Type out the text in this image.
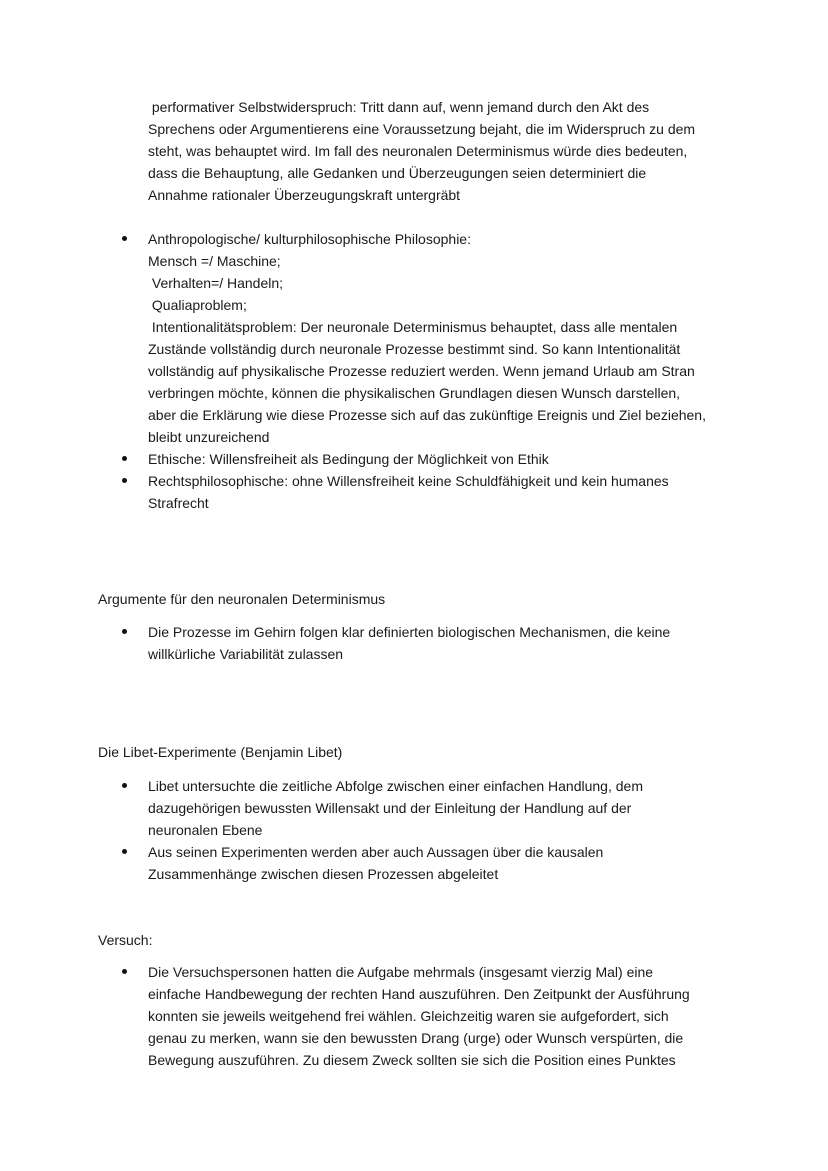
performativer Selbstwiderspruch: Tritt dann auf, wenn jemand durch den Akt des
Sprechens oder Argumentierens eine Voraussetzung bejaht, die im Widerspruch zu dem
steht, was behauptet wird. Im fall des neuronalen Determinismus würde dies bedeuten,
dass die Behauptung, alle Gedanken und Überzeugungen seien determiniert die
Annahme rationaler Überzeugungskraft untergräbt
Anthropologische/ kulturphilosophische Philosophie:
Mensch =/ Maschine;
Verhalten=/ Handeln;
Qualiaproblem;
Intentionalitätsproblem: Der neuronale Determinismus behauptet, dass alle mentalen
Zustände vollständig durch neuronale Prozesse bestimmt sind. So kann Intentionalität
vollständig auf physikalische Prozesse reduziert werden. Wenn jemand Urlaub am Stran
verbringen möchte, können die physikalischen Grundlagen diesen Wunsch darstellen,
aber die Erklärung wie diese Prozesse sich auf das zukünftige Ereignis und Ziel beziehen,
bleibt unzureichend
Ethische: Willensfreiheit als Bedingung der Möglichkeit von Ethik
Rechtsphilosophische: ohne Willensfreiheit keine Schuldfähigkeit und kein humanes
Strafrecht
Argumente für den neuronalen Determinismus
Die Prozesse im Gehirn folgen klar definierten biologischen Mechanismen, die keine
willkürliche Variabilität zulassen
Die Libet-Experimente (Benjamin Libet)
Libet untersuchte die zeitliche Abfolge zwischen einer einfachen Handlung, dem
dazugehörigen bewussten Willensakt und der Einleitung der Handlung auf der
neuronalen Ebene
Aus seinen Experimenten werden aber auch Aussagen über die kausalen
Zusammenhänge zwischen diesen Prozessen abgeleitet
Versuch:
Die Versuchspersonen hatten die Aufgabe mehrmals (insgesamt vierzig Mal) eine
einfache Handbewegung der rechten Hand auszuführen. Den Zeitpunkt der Ausführung
konnten sie jeweils weitgehend frei wählen. Gleichzeitig waren sie aufgefordert, sich
genau zu merken, wann sie den bewussten Drang (urge) oder Wunsch verspürten, die
Bewegung auszuführen. Zu diesem Zweck sollten sie sich die Position eines Punktes
